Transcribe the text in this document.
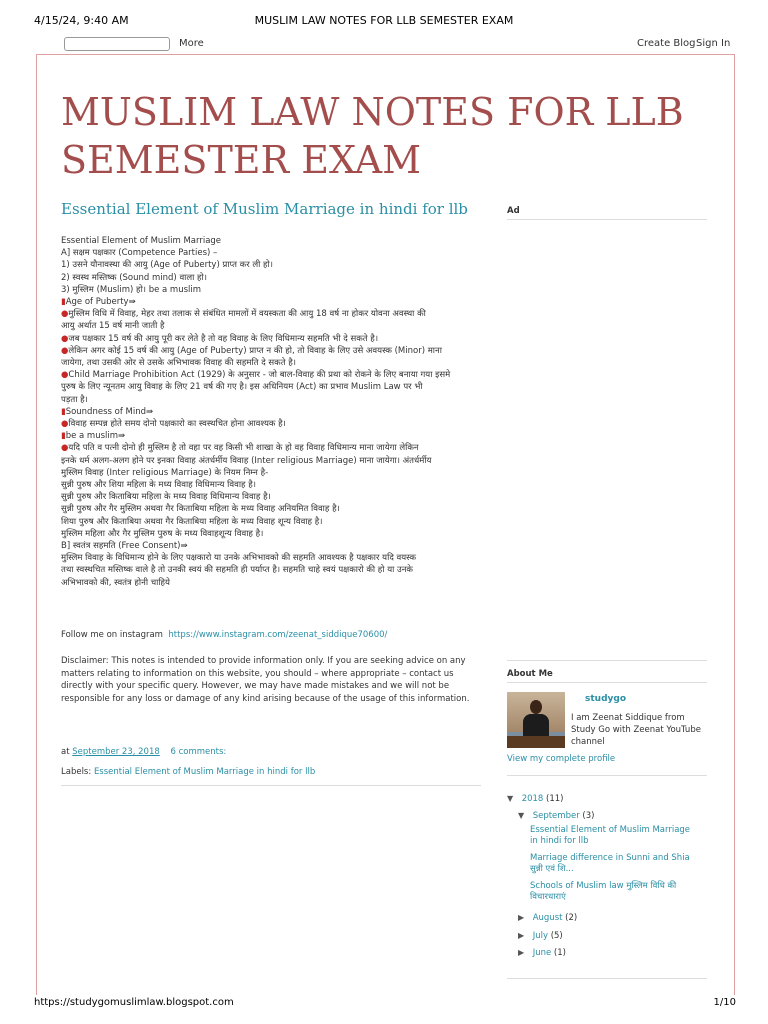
4/15/24, 9:40 AM	MUSLIM LAW NOTES FOR LLB SEMESTER EXAM
More	Create Blog Sign In
MUSLIM LAW NOTES FOR LLB SEMESTER EXAM
Essential Element of Muslim Marriage in hindi for llb

Essential Element of Muslim Marriage

A] सक्षम पक्षकार (Competence Parties) –

1) उसने यौनावस्था की आयु (Age of Puberty) प्राप्त कर ली हो।

2) स्वस्थ मस्तिष्क (Sound mind) वाला हो।

3) मुस्लिम (Muslim) हो। be a muslim

▮Age of Puberty⇛

●मुस्लिम विधि में विवाह, मेहर तथा तलाक से संबंधित मामलों में वयस्कता की आयु 18 वर्ष ना होकर योवना अवस्था की

आयु अर्थात 15 वर्ष मानी जाती है

●जब पक्षकार 15 वर्ष की आयु पूरी कर लेते है तो वह विवाह के लिए विधिमान्य सहमति भी दे सकते है।

●लेकिन अगर कोई 15 वर्ष की आयु (Age of Puberty) प्राप्त न की हो, तो विवाह के लिए उसे अवयस्क (Minor) माना

जायेगा, तथा उसकी ओर से उसके अभिभावक विवाह की सहमति दे सकते है।

●Child Marriage Prohibition Act (1929) के अनुसार - जो बाल-विवाह की प्रथा को रोकने के लिए बनाया गया इसमे

पुरुष के लिए न्यूनतम आयु विवाह के लिए 21 वर्ष की गए है। इस अधिनियम (Act) का प्रभाव Muslim Law पर भी

पड़ता है।

▮Soundness of Mind⇛

●विवाह सम्पन्न होते समय दोनो पक्षकारो का स्वस्थचित होना आवश्यक है।

▮be a muslim⇛

●यदि पति व पत्नी दोनो ही मुस्लिम है तो वहा पर वह किसी भी शाखा के हो वह विवाह विधिमान्य माना जायेगा लेकिन

इनके धर्म अलग-अलग होने पर इनका विवाह अंतर्धर्मीय विवाह (Inter religious Marriage) माना जायेगा। अंतर्धर्मीय

मुस्लिम विवाह (Inter religious Marriage) के नियम निम्न है-

सुन्नी पुरुष और शिया महिला के मध्य विवाह विधिमान्य विवाह है।

सुन्नी पुरुष और किताबिया महिला के मध्य विवाह विधिमान्य विवाह है।

सुन्नी पुरुष और गैर मुस्लिम अथवा गैर किताबिया महिला के मध्य विवाह अनियमित विवाह है।

शिया पुरुष और किताबिया अथवा गैर किताबिया महिला के मध्य विवाह शून्य विवाह है।

मुस्लिम महिला और गैर मुस्लिम पुरुष के मध्य विवाहशून्य विवाह है।

B] स्वतंत्र सहमति (Free Consent)⇛

मुस्लिम विवाह के विधिमान्य होने के लिए पक्षकारो या उनके अभिभावको की सहमति आवश्यक है पक्षकार यदि वयस्क

तथा स्वस्थचित मस्तिष्क वाले है तो उनकी स्वयं की सहमति ही पर्याप्त है। सहमति चाहे स्वयं पक्षकारो की हो या उनके

अभिभावको की, स्वतंत्र होनी चाहिये

Follow me on instagram https://www.instagram.com/zeenat_siddique70600/
Disclaimer: This notes is intended to provide information only. If you are seeking advice on any matters relating to information on this website, you should – where appropriate – contact us directly with your specific query. However, we may have made mistakes and we will not be responsible for any loss or damage of any kind arising because of the usage of this information.
at September 23, 2018 6 comments:
Labels: Essential Element of Muslim Marriage in hindi for llb
Ad
About Me
studygo
I am Zeenat Siddique from Study Go with Zeenat YouTube channel
View my complete profile
▼ 2018 (11)
▼ September (3)
Essential Element of Muslim Marriage in hindi for llb
Marriage difference in Sunni and Shia सुन्नी एवं शि...
Schools of Muslim law मुस्लिम विधि की विचारधाराएं
▶ August (2)
▶ July (5)
▶ June (1)
https://studygomuslimlaw.blogspot.com	1/10
